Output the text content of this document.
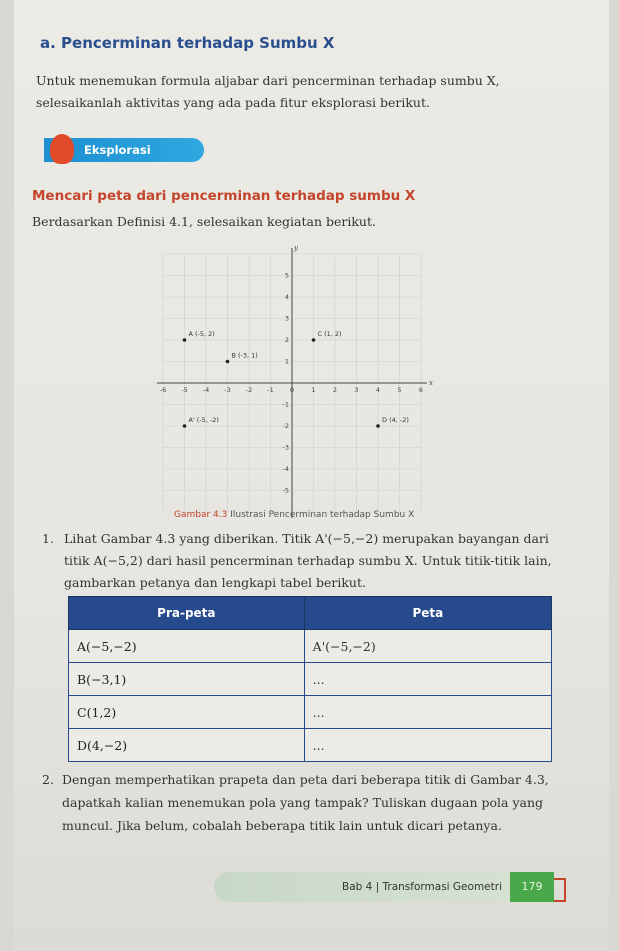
a. Pencerminan terhadap Sumbu X
Untuk menemukan formula aljabar dari pencerminan terhadap sumbu X,
selesaikanlah aktivitas yang ada pada fitur eksplorasi berikut.
Eksplorasi
Mencari peta dari pencerminan terhadap sumbu X
Berdasarkan Definisi 4.1, selesaikan kegiatan berikut.
x
y
-6 -5 -4 -3 -2 -1 0	1	2	3	4	5	6
-5
-4
-3
-2
-1
1
2
3
4
5
A (-5, 2)
B (-3, 1)
C (1, 2)
A' (-5, -2)	D (4, -2)
Gambar 4.3 Ilustrasi Pencerminan terhadap Sumbu X
1. Lihat Gambar 4.3 yang diberikan. Titik A'(−5,−2) merupakan bayangan dari titik A(−5,2) dari hasil pencerminan terhadap sumbu X. Untuk titik-titik lain, gambarkan petanya dan lengkapi tabel berikut.
Pra-peta	Peta
A(−5,−2)	A'(−5,−2)
B(−3,1)	...
C(1,2)	...
D(4,−2)	...
2. Dengan memperhatikan prapeta dan peta dari beberapa titik di Gambar 4.3, dapatkah kalian menemukan pola yang tampak? Tuliskan dugaan pola yang muncul. Jika belum, cobalah beberapa titik lain untuk dicari petanya.
Bab 4 | Transformasi Geometri	179
